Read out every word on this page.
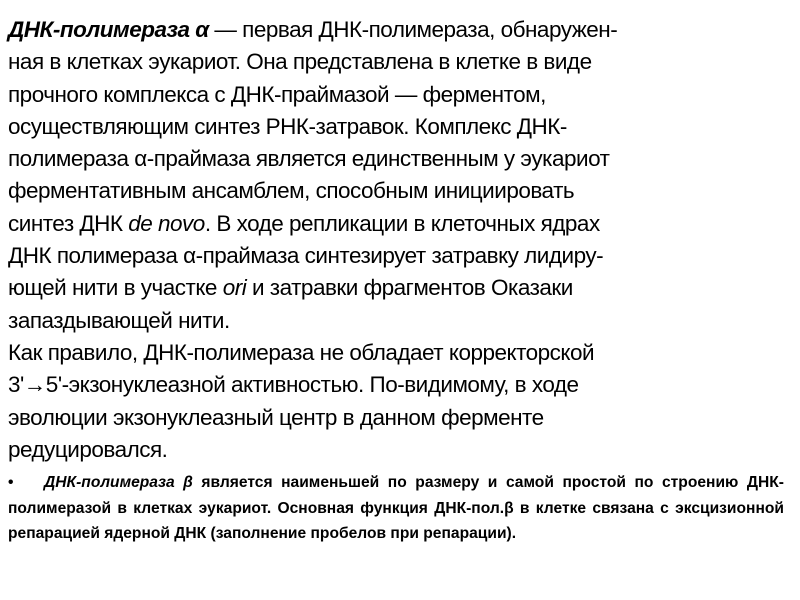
ДНК-полимераза α — первая ДНК-полимераза, обнаружен-
ная в клетках эукариот. Она представлена в клетке в виде
прочного комплекса с ДНК-праймазой — ферментом,
осуществляющим синтез РНК-затравок. Комплекс ДНК-
полимераза α-праймаза является единственным у эукариот
ферментативным ансамблем, способным инициировать
синтез ДНК de novo. В ходе репликации в клеточных ядрах
ДНК полимераза α-праймаза синтезирует затравку лидиру-
ющей нити в участке ori и затравки фрагментов Оказаки
запаздывающей нити.

Как правило, ДНК-полимераза не обладает корректорской
3'→5'-экзонуклеазной активностью. По-видимому, в ходе
эволюции экзонуклеазный центр в данном ферменте
редуцировался.

• ДНК-полимераза β является наименьшей по размеру и самой простой по строению ДНК-полимеразой в клетках эукариот. Основная функция ДНК-пол.β в клетке связана с эксцизионной репарацией ядерной ДНК (заполнение пробелов при репарации).
